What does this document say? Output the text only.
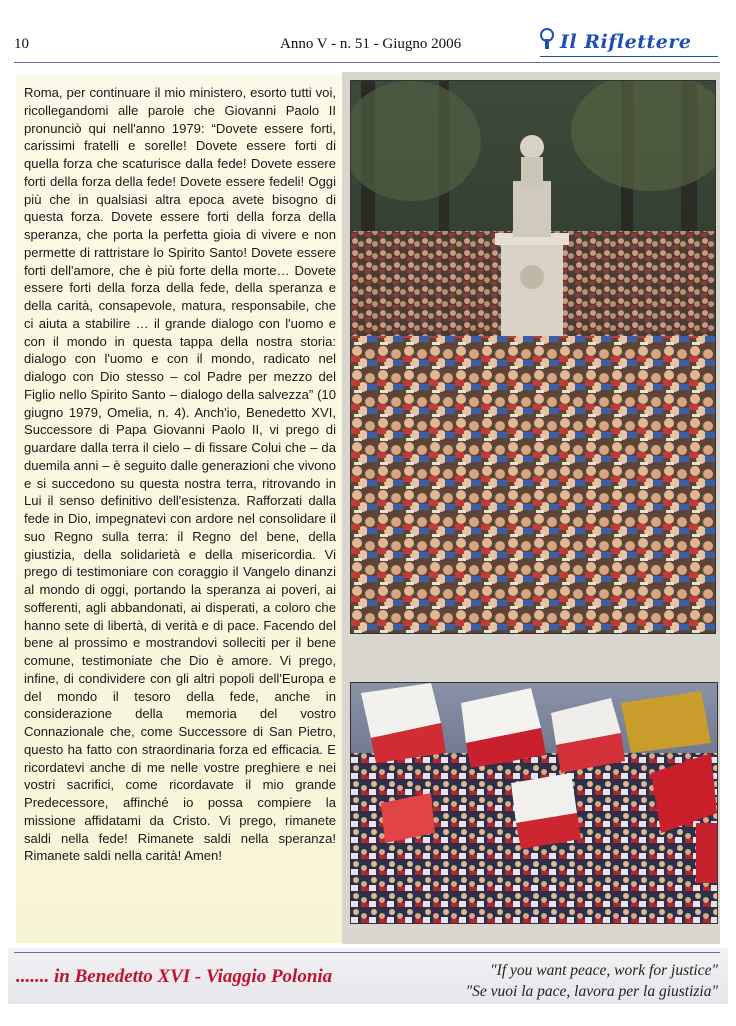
10	Anno V - n. 51 - Giugno 2006	Il Riflettere

Roma, per continuare il mio ministero, esorto tutti voi, ricollegandomi alle parole che Giovanni Paolo II pronunciò qui nell'anno 1979: “Dovete essere forti, carissimi fratelli e sorelle! Dovete essere forti di quella forza che scaturisce dalla fede! Dovete essere forti della forza della fede! Dovete essere fedeli! Oggi più che in qualsiasi altra epoca avete bisogno di questa forza. Dovete essere forti della forza della speranza, che porta la perfetta gioia di vivere e non permette di rattristare lo Spirito Santo! Dovete essere forti dell'amore, che è più forte della morte… Dovete essere forti della forza della fede, della speranza e della carità, consapevole, matura, responsabile, che ci aiuta a stabilire … il grande dialogo con l'uomo e con il mondo in questa tappa della nostra storia: dialogo con l'uomo e con il mondo, radicato nel dialogo con Dio stesso – col Padre per mezzo del Figlio nello Spirito Santo – dialogo della salvezza” (10 giugno 1979, Omelia, n. 4). Anch'io, Benedetto XVI, Successore di Papa Giovanni Paolo II, vi prego di guardare dalla terra il cielo – di fissare Colui che – da duemila anni – è seguito dalle generazioni che vivono e si succedono su questa nostra terra, ritrovando in Lui il senso definitivo dell'esistenza. Rafforzati dalla fede in Dio, impegnatevi con ardore nel consolidare il suo Regno sulla terra: il Regno del bene, della giustizia, della solidarietà e della misericordia. Vi prego di testimoniare con coraggio il Vangelo dinanzi al mondo di oggi, portando la speranza ai poveri, ai sofferenti, agli abbandonati, ai disperati, a coloro che hanno sete di libertà, di verità e di pace. Facendo del bene al prossimo e mostrandovi solleciti per il bene comune, testimoniate che Dio è amore. Vi prego, infine, di condividere con gli altri popoli dell'Europa e del mondo il tesoro della fede, anche in considerazione della memoria del vostro Connazionale che, come Successore di San Pietro, questo ha fatto con straordinaria forza ed efficacia. E ricordatevi anche di me nelle vostre preghiere e nei vostri sacrifici, come ricordavate il mio grande Predecessore, affinché io possa compiere la missione affidatami da Cristo. Vi prego, rimanete saldi nella fede! Rimanete saldi nella speranza! Rimanete saldi nella carità! Amen!

....... in Benedetto XVI - Viaggio Polonia	"If you want peace, work for justice"
"Se vuoi la pace, lavora per la giustizia"
